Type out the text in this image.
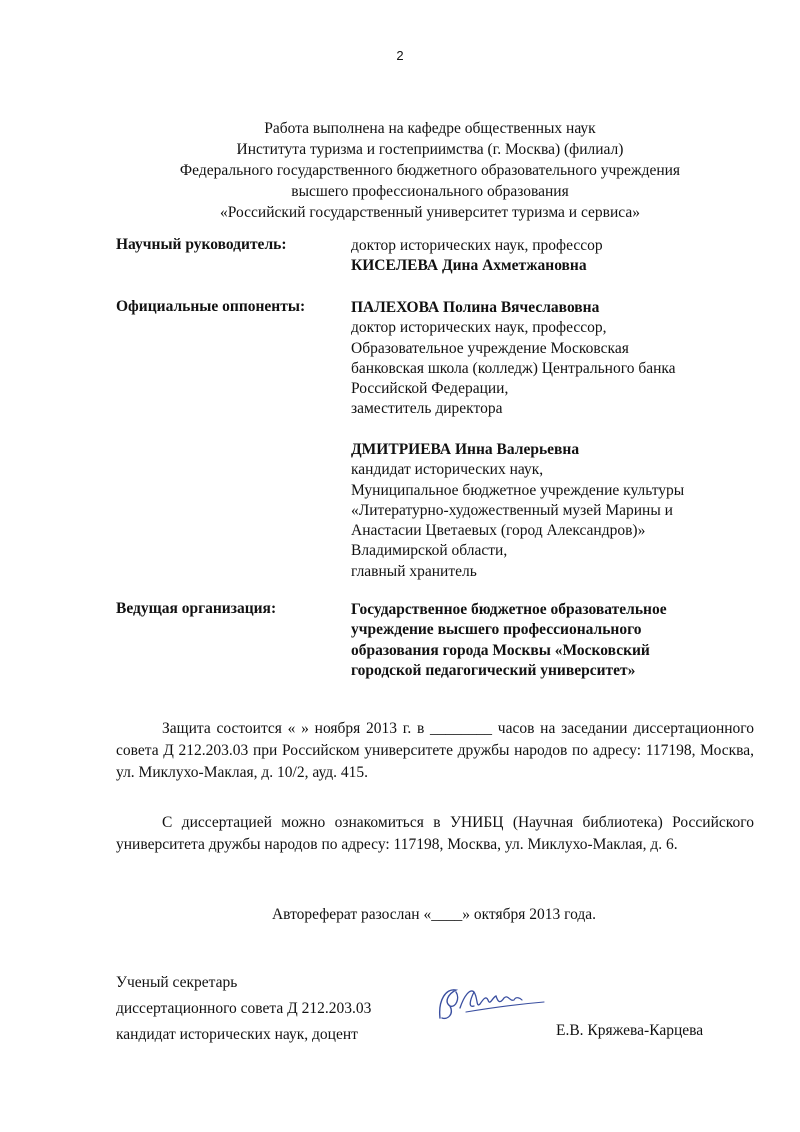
2
Работа выполнена на кафедре общественных наук
Института туризма и гостеприимства (г. Москва) (филиал)
Федерального государственного бюджетного образовательного учреждения
высшего профессионального образования
«Российский государственный университет туризма и сервиса»
Научный руководитель:	доктор исторических наук, профессор
КИСЕЛЕВА Дина Ахметжановна
Официальные оппоненты:	ПАЛЕХОВА Полина Вячеславовна
доктор исторических наук, профессор,
Образовательное учреждение Московская
банковская школа (колледж) Центрального банка
Российской Федерации,
заместитель директора
ДМИТРИЕВА Инна Валерьевна
кандидат исторических наук,
Муниципальное бюджетное учреждение культуры
«Литературно-художественный музей Марины и
Анастасии Цветаевых (город Александров)»
Владимирской области,
главный хранитель
Ведущая организация:	Государственное бюджетное образовательное
учреждение высшего профессионального
образования города Москвы «Московский
городской педагогический университет»

Защита состоится « » ноября 2013 г. в ________ часов на заседании диссертационного совета Д 212.203.03 при Российском университете дружбы народов по адресу: 117198, Москва, ул. Миклухо-Маклая, д. 10/2, ауд. 415.

С диссертацией можно ознакомиться в УНИБЦ (Научная библиотека) Российского университета дружбы народов по адресу: 117198, Москва, ул. Миклухо-Маклая, д. 6.

Автореферат разослан «____» октября 2013 года.
Ученый секретарь
диссертационного совета Д 212.203.03
кандидат исторических наук, доцент	Е.В. Кряжева-Карцева
